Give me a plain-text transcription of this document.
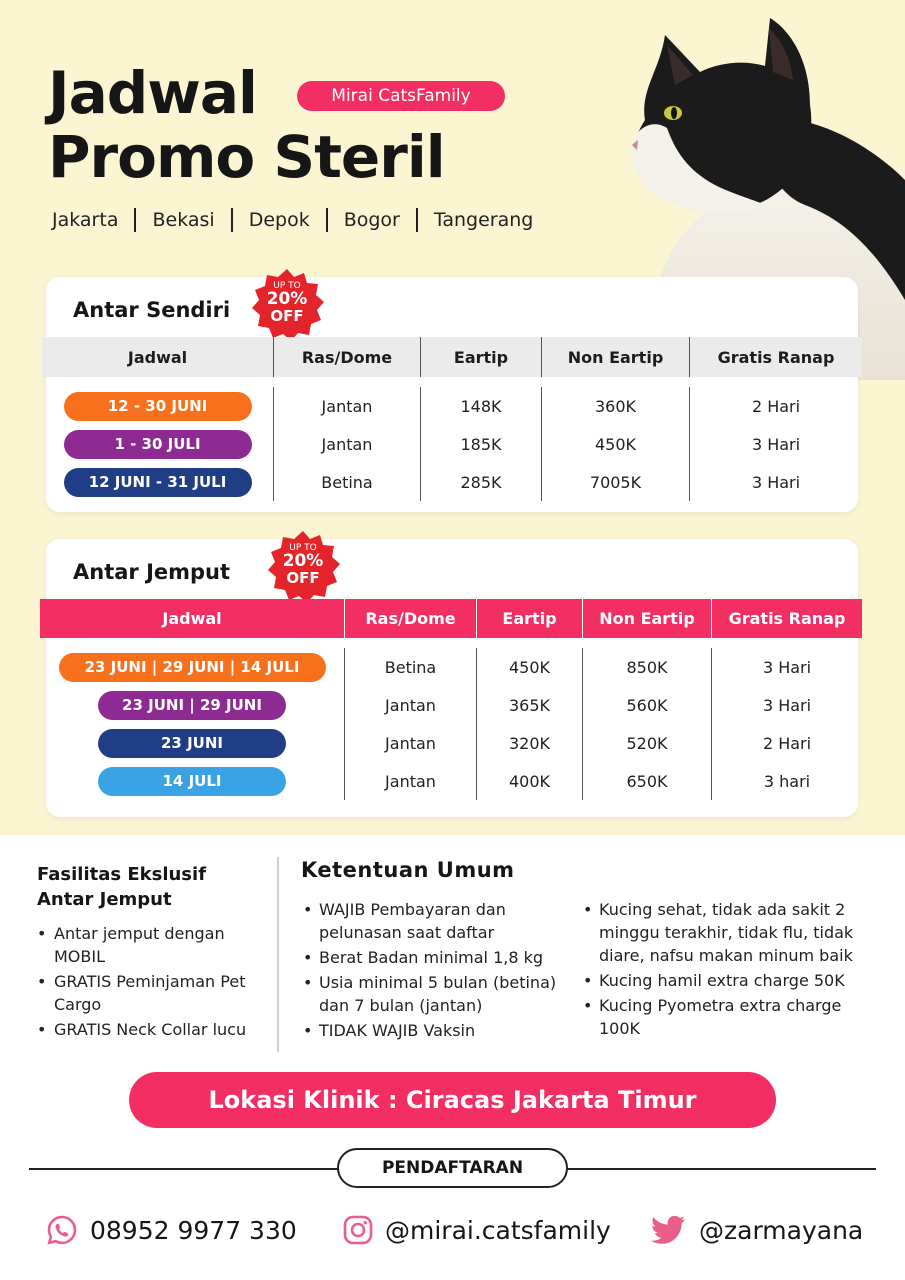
Jadwal
Promo Steril
Mirai CatsFamily
Jakarta Bekasi Depok Bogor Tangerang
Antar Sendiri
UP TO
20%
OFF
Jadwal	Ras/Dome	Eartip	Non Eartip	Gratis Ranap
12 - 30 JUNI	Jantan	148K	360K	2 Hari
1 - 30 JULI	Jantan	185K	450K	3 Hari
12 JUNI - 31 JULI	Betina	285K	7005K	3 Hari
Antar Jemput
UP TO
20%
OFF
Jadwal	Ras/Dome	Eartip	Non Eartip	Gratis Ranap
23 JUNI | 29 JUNI | 14 JULI	Betina	450K	850K	3 Hari
23 JUNI | 29 JUNI	Jantan	365K	560K	3 Hari
23 JUNI	Jantan	320K	520K	2 Hari
14 JULI	Jantan	400K	650K	3 hari
Fasilitas Ekslusif
Antar Jemput
• Antar jemput dengan MOBIL
• GRATIS Peminjaman Pet Cargo
• GRATIS Neck Collar lucu
Ketentuan Umum
• WAJIB Pembayaran dan pelunasan saat daftar
• Berat Badan minimal 1,8 kg
• Usia minimal 5 bulan (betina) dan 7 bulan (jantan)
• TIDAK WAJIB Vaksin
• Kucing sehat, tidak ada sakit 2 minggu terakhir, tidak flu, tidak diare, nafsu makan minum baik
• Kucing hamil extra charge 50K
• Kucing Pyometra extra charge 100K
Lokasi Klinik : Ciracas Jakarta Timur
PENDAFTARAN
08952 9977 330	@mirai.catsfamily	@zarmayana
